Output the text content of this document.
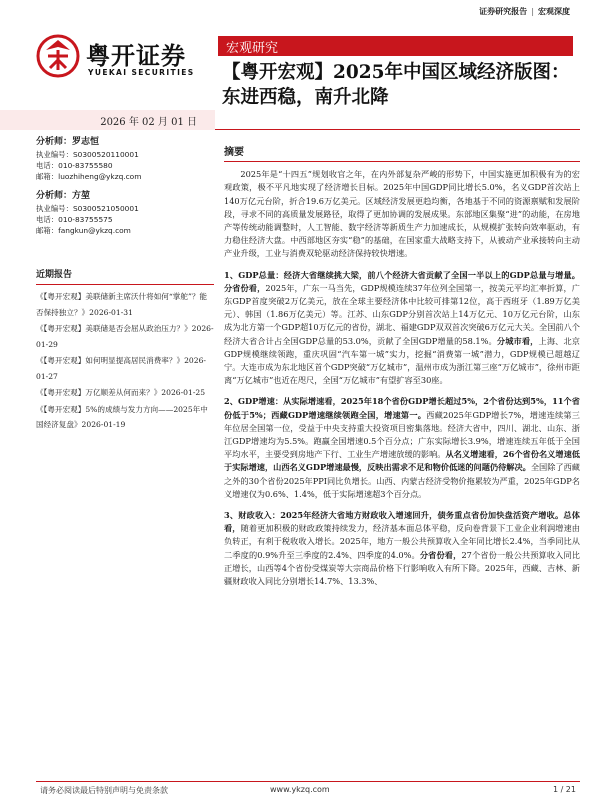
证券研究报告 | 宏观深度
粤开证券
YUEKAI SECURITIES
宏观研究
【粤开宏观】2025年中国区域经济版图：东进西稳，南升北降
2026 年 02 月 01 日
分析师：罗志恒
执业编号：S0300520110001
电话：010-83755580
邮箱：luozhiheng@ykzq.com
分析师：方堃
执业编号：S0300521050001
电话：010-83755575
邮箱：fangkun@ykzq.com
近期报告
《【粤开宏观】美联储新主席沃什将如何“掌舵”？能否保持独立？》2026-01-31
《【粤开宏观】美联储是否会屈从政治压力？》2026-01-29
《【粤开宏观】如何明显提高居民消费率？》2026-01-27
《【粤开宏观】万亿顺差从何而来？》2026-01-25
《【粤开宏观】5%的成绩与发力方向——2025年中国经济复盘》2026-01-19
摘要

2025年是“十四五”规划收官之年，在内外部复杂严峻的形势下，中国实施更加积极有为的宏观政策，极不平凡地实现了经济增长目标。2025年中国GDP同比增长5.0%，名义GDP首次站上140万亿元台阶，折合19.6万亿美元。区域经济发展更趋均衡，各地基于不同的资源禀赋和发展阶段，寻求不同的高质量发展路径，取得了更加协调的发展成果。东部地区集聚“进”的动能，在房地产等传统动能调整时，人工智能、数字经济等新质生产力加速成长，从规模扩张转向效率驱动，有力稳住经济大盘。中西部地区夯实“稳”的基础，在国家重大战略支持下，从被动产业承接转向主动产业升级，工业与消费双轮驱动经济保持较快增速。

1、GDP总量：经济大省继续挑大梁，前八个经济大省贡献了全国一半以上的GDP总量与增量。分省份看，2025年，广东一马当先，GDP规模连续37年位列全国第一，按美元平均汇率折算，广东GDP首度突破2万亿美元，放在全球主要经济体中比较可排第12位，高于西班牙（1.89万亿美元）、韩国（1.86万亿美元）等。江苏、山东GDP分别首次站上14万亿元、10万亿元台阶，山东成为北方第一个GDP超10万亿元的省份，湖北、福建GDP双双首次突破6万亿元大关。全国前八个经济大省合计占全国GDP总量的53.0%，贡献了全国GDP增量的58.1%。分城市看，上海、北京GDP规模继续领跑，重庆巩固“汽车第一城”实力，挖掘“消费第一城”潜力，GDP规模已超越辽宁。大连市成为东北地区首个GDP突破“万亿城市”，温州市成为浙江第三座“万亿城市”，徐州市距离“万亿城市”也近在咫尺，全国“万亿城市”有望扩容至30座。

2、GDP增速：从实际增速看，2025年18个省份GDP增长超过5%，2个省份达到5%，11个省份低于5%；西藏GDP增速继续领跑全国，增速第一。西藏2025年GDP增长7%，增速连续第三年位居全国第一位，受益于中央支持重大投资项目密集落地。经济大省中，四川、湖北、山东、浙江GDP增速均为5.5%。跑赢全国增速0.5个百分点；广东实际增长3.9%，增速连续五年低于全国平均水平，主要受到房地产下行、工业生产增速放缓的影响。从名义增速看，26个省份名义增速低于实际增速，山西名义GDP增速最慢，反映出需求不足和物价低迷的问题仍待解决。全国除了西藏之外的30个省份2025年PPI同比负增长。山西、内蒙古经济受物价拖累较为严重，2025年GDP名义增速仅为0.6%、1.4%，低于实际增速超3个百分点。

3、财政收入：2025年经济大省地方财政收入增速回升，债务重点省份加快盘活资产增收。总体看，随着更加积极的财政政策持续发力，经济基本面总体平稳，反向卷背景下工业企业利润增速由负转正，有利于税收收入增长。2025年，地方一般公共预算收入全年同比增长2.4%，当季同比从二季度的0.9%升至三季度的2.4%、四季度的4.0%。分省份看，27个省份一般公共预算收入同比正增长，山西等4个省份受煤炭等大宗商品价格下行影响收入有所下降。2025年，西藏、吉林、新疆财政收入同比分别增长14.7%、13.3%、

请务必阅读最后特别声明与免责条款	www.ykzq.com	1 / 21
